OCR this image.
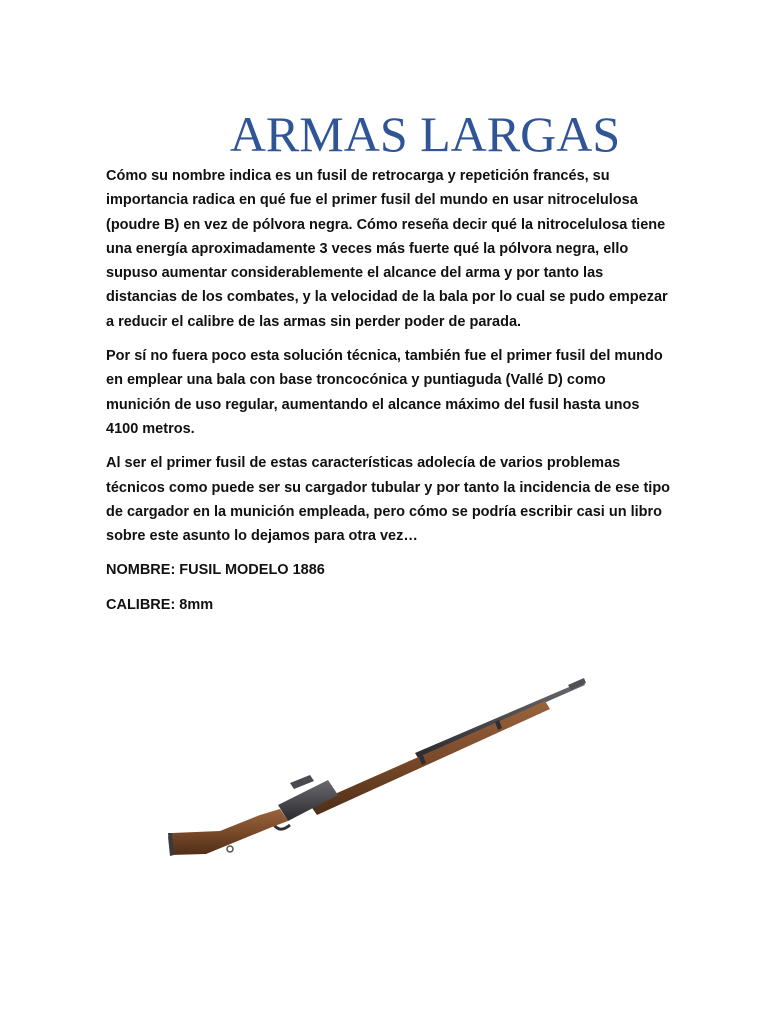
ARMAS LARGAS

Cómo su nombre indica es un fusil de retrocarga y repetición francés, su importancia radica en qué fue el primer fusil del mundo en usar nitrocelulosa (poudre B) en vez de pólvora negra. Cómo reseña decir qué la nitrocelulosa tiene una energía aproximadamente 3 veces más fuerte qué la pólvora negra, ello supuso aumentar considerablemente el alcance del arma y por tanto las distancias de los combates, y la velocidad de la bala por lo cual se pudo empezar a reducir el calibre de las armas sin perder poder de parada.

Por sí no fuera poco esta solución técnica, también fue el primer fusil del mundo en emplear una bala con base troncocónica y puntiaguda (Vallé D) como munición de uso regular, aumentando el alcance máximo del fusil hasta unos 4100 metros.

Al ser el primer fusil de estas características adolecía de varios problemas técnicos como puede ser su cargador tubular y por tanto la incidencia de ese tipo de cargador en la munición empleada, pero cómo se podría escribir casi un libro sobre este asunto lo dejamos para otra vez…

NOMBRE: FUSIL MODELO 1886
CALIBRE: 8mm
